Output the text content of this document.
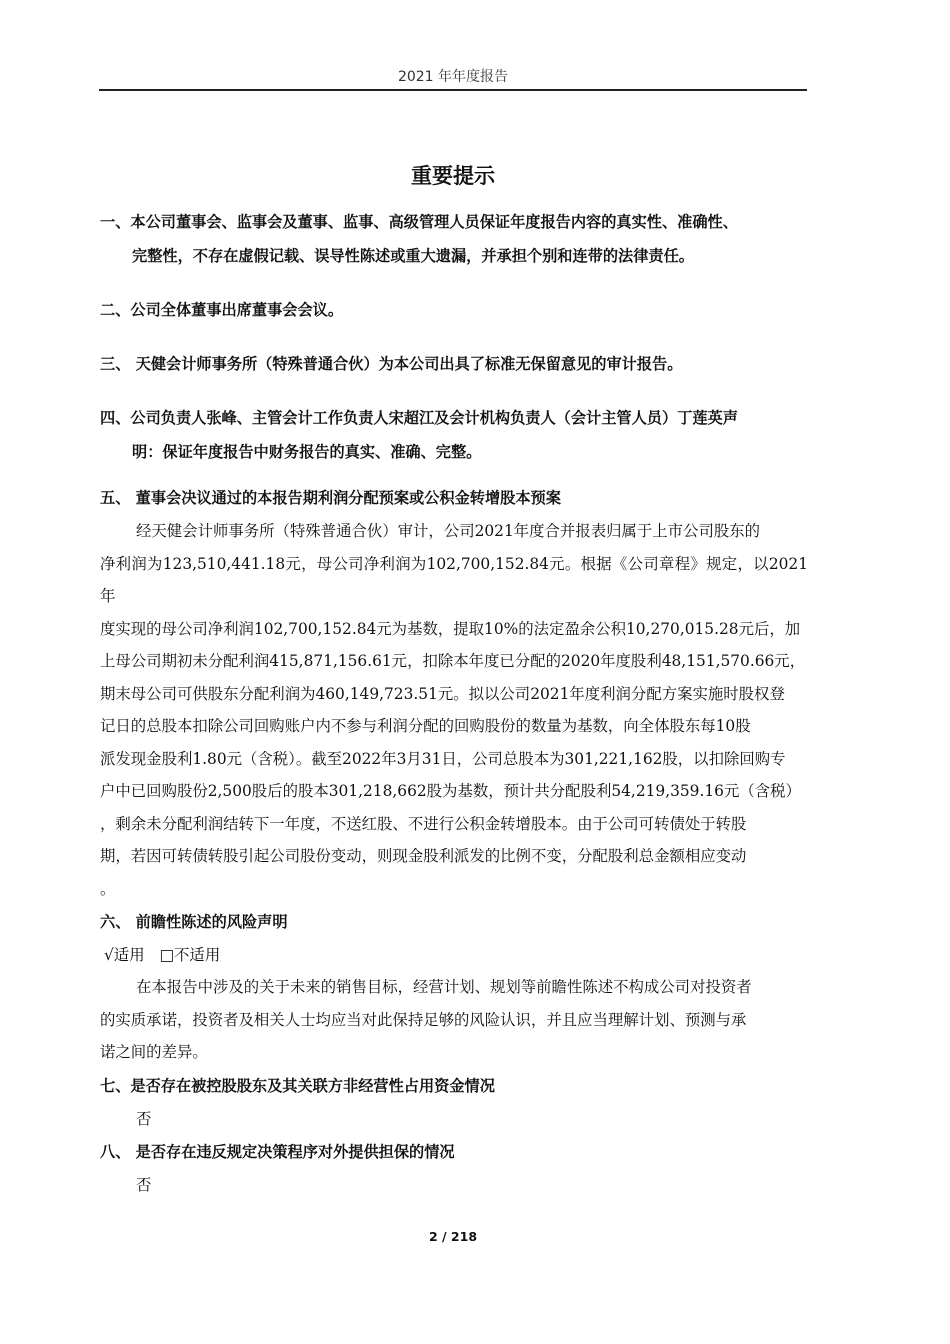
2021 年年度报告
重要提示
一、本公司董事会、监事会及董事、监事、高级管理人员保证年度报告内容的真实性、准确性、
完整性，不存在虚假记载、误导性陈述或重大遗漏，并承担个别和连带的法律责任。
二、公司全体董事出席董事会会议。
三、 天健会计师事务所（特殊普通合伙）为本公司出具了标准无保留意见的审计报告。
四、公司负责人张峰、主管会计工作负责人宋超江及会计机构负责人（会计主管人员）丁莲英声
明：保证年度报告中财务报告的真实、准确、完整。
五、 董事会决议通过的本报告期利润分配预案或公积金转增股本预案
经天健会计师事务所（特殊普通合伙）审计，公司2021年度合并报表归属于上市公司股东的
净利润为123,510,441.18元，母公司净利润为102,700,152.84元。根据《公司章程》规定，以2021年
度实现的母公司净利润102,700,152.84元为基数，提取10%的法定盈余公积10,270,015.28元后，加
上母公司期初未分配利润415,871,156.61元，扣除本年度已分配的2020年度股利48,151,570.66元，
期末母公司可供股东分配利润为460,149,723.51元。拟以公司2021年度利润分配方案实施时股权登
记日的总股本扣除公司回购账户内不参与利润分配的回购股份的数量为基数，向全体股东每10股
派发现金股利1.80元（含税）。截至2022年3月31日，公司总股本为301,221,162股，以扣除回购专
户中已回购股份2,500股后的股本301,218,662股为基数，预计共分配股利54,219,359.16元（含税）
，剩余未分配利润结转下一年度，不送红股、不进行公积金转增股本。由于公司可转债处于转股
期，若因可转债转股引起公司股份变动，则现金股利派发的比例不变，分配股利总金额相应变动
。
六、 前瞻性陈述的风险声明
√适用 □不适用
在本报告中涉及的关于未来的销售目标，经营计划、规划等前瞻性陈述不构成公司对投资者
的实质承诺，投资者及相关人士均应当对此保持足够的风险认识，并且应当理解计划、预测与承
诺之间的差异。
七、是否存在被控股股东及其关联方非经营性占用资金情况
否
八、 是否存在违反规定决策程序对外提供担保的情况
否
2 / 218
